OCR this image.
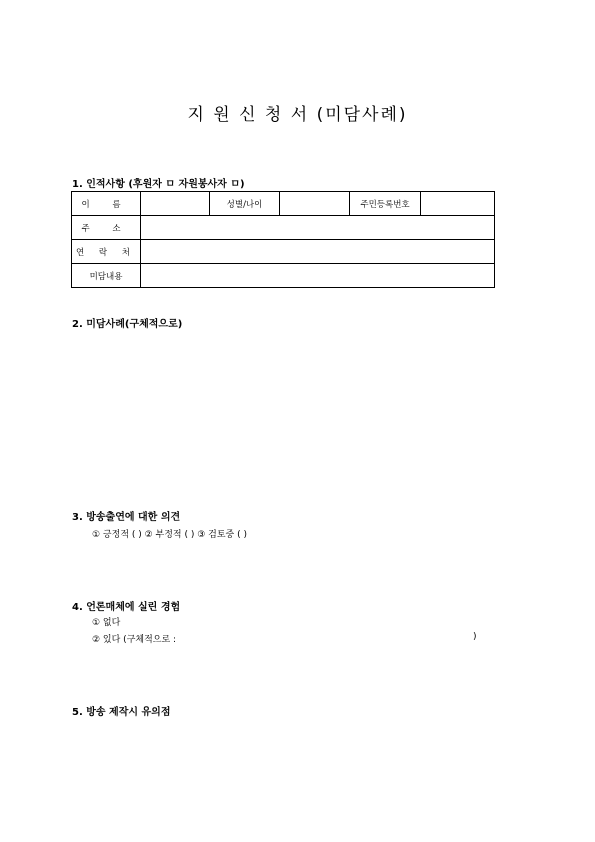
지 원 신 청 서 (미담사례)
1. 인적사항 (후원자 ㅁ 자원봉사자 ㅁ)
이 름		성별/나이		주민등록번호	
주 소					
연 락 처					
미담내용					
2. 미담사례(구체적으로)
3. 방송출연에 대한 의견
① 긍정적 ( ) ② 부정적 ( ) ③ 검토중 ( )
4. 언론매체에 실린 경험
① 없다
② 있다 (구체적으로 :	)
5. 방송 제작시 유의점
